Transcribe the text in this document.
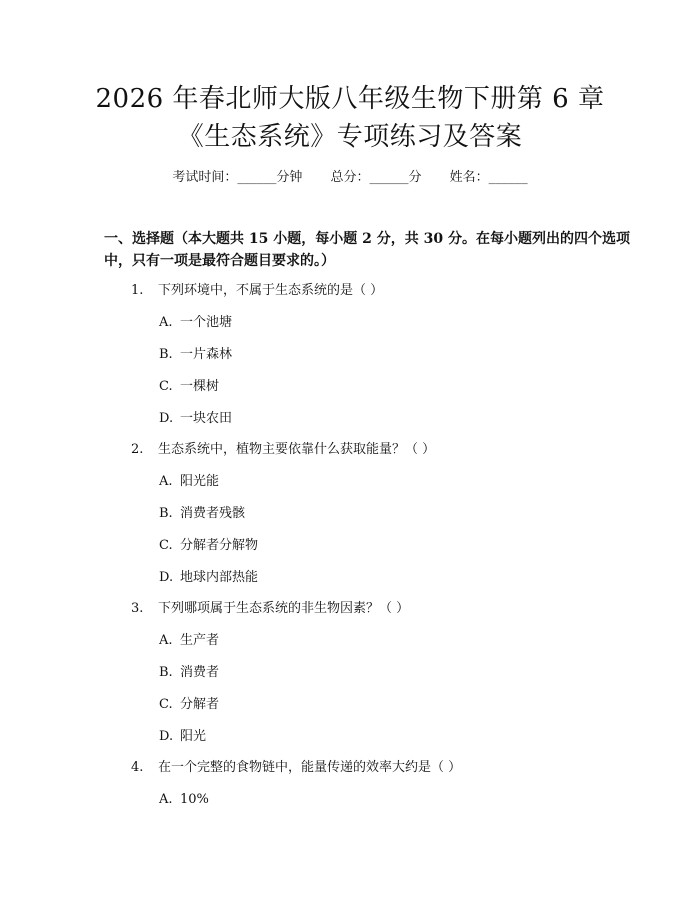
2026 年春北师大版八年级生物下册第 6 章
《生态系统》专项练习及答案
考试时间：______分钟 总分：______分 姓名：______
一、选择题（本大题共 15 小题，每小题 2 分，共 30 分。在每小题列出的四个选项中，只有一项是最符合题目要求的。）
1. 下列环境中，不属于生态系统的是（ ）
A. 一个池塘
B. 一片森林
C. 一棵树
D. 一块农田
2. 生态系统中，植物主要依靠什么获取能量？（ ）
A. 阳光能
B. 消费者残骸
C. 分解者分解物
D. 地球内部热能
3. 下列哪项属于生态系统的非生物因素？（ ）
A. 生产者
B. 消费者
C. 分解者
D. 阳光
4. 在一个完整的食物链中，能量传递的效率大约是（ ）
A. 10%
